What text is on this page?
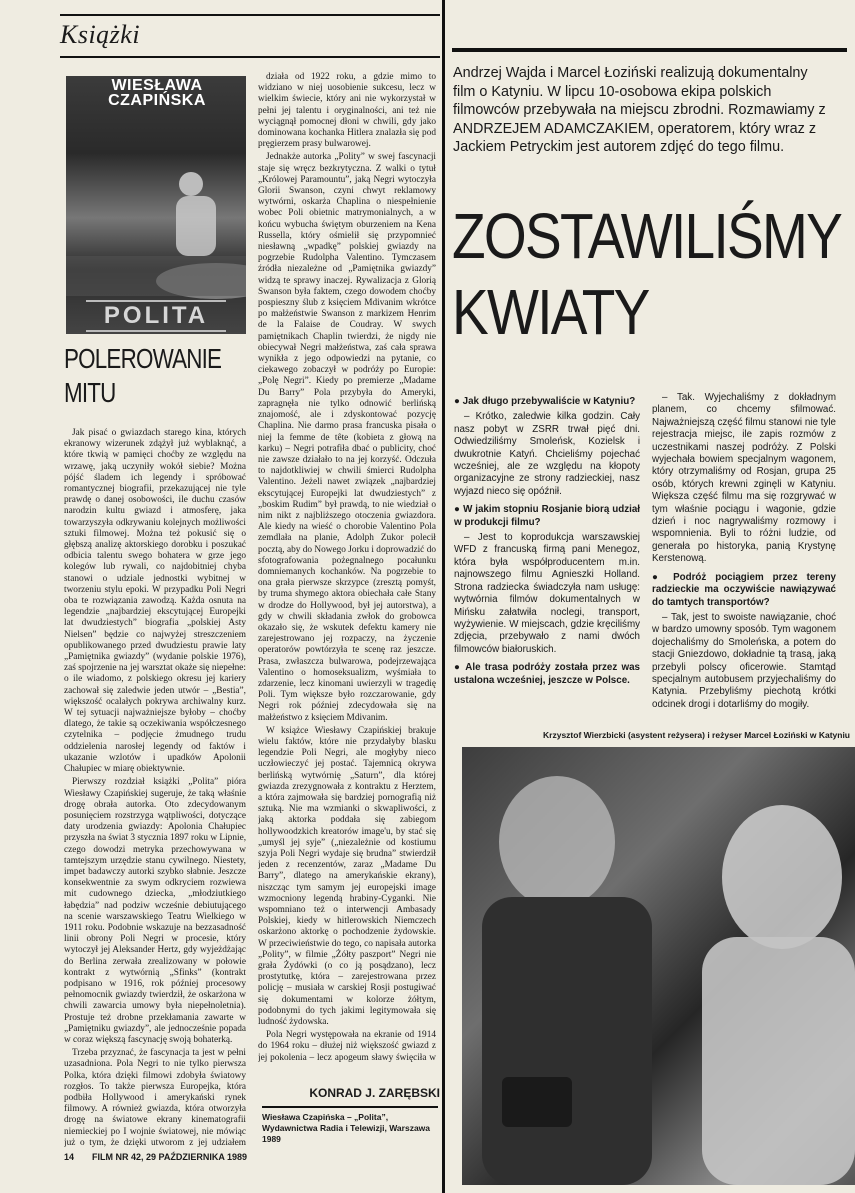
Książki
WIESŁAWA CZAPIŃSKA
POLITA
POLEROWANIE
MITU

Jak pisać o gwiazdach starego kina, których ekranowy wizerunek zdążył już wyblaknąć, a które tkwią w pamięci choćby ze względu na wrzawę, jaką uczyniły wokół siebie? Można pójść śladem ich legendy i spróbować romantycznej biografii, przekazującej nie tyle prawdę o danej osobowości, ile duchu czasów narodzin kultu gwiazd i atmosferę, jaka towarzyszyła odkrywaniu kolejnych możliwości sztuki filmowej. Można też pokusić się o głębszą analizę aktorskiego dorobku i poszukać odbicia talentu swego bohatera w grze jego kolegów lub rywali, co najdobitniej chyba stanowi o udziale jednostki wybitnej w tworzeniu stylu epoki. W przypadku Poli Negri oba te rozwiązania zawodzą. Każda osnuta na legendzie „najbardziej ekscytującej Europejki lat dwudziestych” biografia „polskiej Asty Nielsen” będzie co najwyżej streszczeniem opublikowanego przed dwudziestu prawie laty „Pamiętnika gwiazdy” (wydanie polskie 1976), zaś spojrzenie na jej warsztat okaże się niepełne: o ile wiadomo, z polskiego okresu jej kariery zachował się zaledwie jeden utwór – „Bestia”, większość ocalałych pokrywa archiwalny kurz. W tej sytuacji najważniejsze byłoby – choćby dlatego, że takie są oczekiwania współczesnego czytelnika – podjęcie żmudnego trudu oddzielenia narosłej legendy od faktów i ukazanie wzlotów i upadków Apolonii Chałupiec w miarę obiektywnie.

Pierwszy rozdział książki „Polita” pióra Wiesławy Czapińskiej sugeruje, że taką właśnie drogę obrała autorka. Oto zdecydowanym posunięciem rozstrzyga wątpliwości, dotyczące daty urodzenia gwiazdy: Apolonia Chałupiec przyszła na świat 3 stycznia 1897 roku w Lipnie, czego dowodzi metryka przechowywana w tamtejszym urzędzie stanu cywilnego. Niestety, impet badawczy autorki szybko słabnie. Jeszcze konsekwentnie za swym odkryciem rozwiewa mit cudownego dziecka, „młodziutkiego łabędzia” nad podziw wcześnie debiutującego na scenie warszawskiego Teatru Wielkiego w 1911 roku. Podobnie wskazuje na bezzasadność linii obrony Poli Negri w procesie, który wytoczył jej Aleksander Hertz, gdy wyjeżdżając do Berlina zerwała zrealizowany w połowie kontrakt z wytwórnią „Sfinks” (kontrakt podpisano w 1916, rok później procesowy pełnomocnik gwiazdy twierdził, że oskarżona w chwili zawarcia umowy była niepełnoletnia). Prostuje też drobne przekłamania zawarte w „Pamiętniku gwiazdy”, ale jednocześnie popada w coraz większą fascynację swoją bohaterką.

Trzeba przyznać, że fascynacja ta jest w pełni uzasadniona. Pola Negri to nie tylko pierwsza Polka, która dzięki filmowi zdobyła światowy rozgłos. To także pierwsza Europejka, która podbiła Hollywood i amerykański rynek filmowy. A również gwiazda, która otworzyła drogę na światowe ekrany kinematografii niemieckiej po I wojnie światowej, nie mówiąc już o tym, że dzięki utworom z jej udziałem

działa od 1922 roku, a gdzie mimo to widziano w niej uosobienie sukcesu, lecz w wielkim świecie, który ani nie wykorzystał w pełni jej talentu i oryginalności, ani też nie wyciągnął pomocnej dłoni w chwili, gdy jako dominowana kochanka Hitlera znalazła się pod pręgierzem prasy bulwarowej.

Jednakże autorka „Polity” w swej fascynacji staje się wręcz bezkrytyczna. Z walki o tytuł „Królowej Paramountu”, jaką Negri wytoczyła Glorii Swanson, czyni chwyt reklamowy wytwórni, oskarża Chaplina o niespełnienie wobec Poli obietnic matrymonialnych, a w końcu wybucha świętym oburzeniem na Kena Russella, który ośmielił się przypomnieć niesławną „wpadkę” polskiej gwiazdy na pogrzebie Rudolpha Valentino. Tymczasem źródła niezależne od „Pamiętnika gwiazdy” widzą te sprawy inaczej. Rywalizacja z Glorią Swanson była faktem, czego dowodem choćby pospieszny ślub z księciem Mdivanim wkrótce po małżeństwie Swanson z markizem Henrim de la Falaise de Coudray. W swych pamiętnikach Chaplin twierdzi, że nigdy nie obiecywał Negri małżeństwa, zaś cała sprawa wynikła z jego odpowiedzi na pytanie, co ciekawego zobaczył w podróży po Europie: „Polę Negri”. Kiedy po premierze „Madame Du Barry” Pola przybyła do Ameryki, zapragnęła nie tylko odnowić berlińską znajomość, ale i zdyskontować pozycję Chaplina. Nie darmo prasa francuska pisała o niej la femme de tête (kobieta z głową na karku) – Negri potrafiła dbać o publicity, choć nie zawsze działało to na jej korzyść. Odczuła to najdotkliwiej w chwili śmierci Rudolpha Valentino. Jeżeli nawet związek „najbardziej ekscytującej Europejki lat dwudziestych” z „boskim Rudim” był prawdą, to nie wiedział o nim nikt z najbliższego otoczenia gwiazdora. Ale kiedy na wieść o chorobie Valentino Pola zemdlała na planie, Adolph Zukor polecił pocztą, aby do Nowego Jorku i doprowadzić do sfotografowania pożegnalnego pocałunku domniemanych kochanków. Na pogrzebie to ona grała pierwsze skrzypce (zresztą pomyśt, by truma shymego aktora obiechała całe Stany w drodze do Hollywood, był jej autorstwa), a gdy w chwili składania zwłok do grobowca okazało się, że wskutek defektu kamery nie zarejestrowano jej rozpaczy, na życzenie operatorów powtórzyła te scenę raz jeszcze. Prasa, zwłaszcza bulwarowa, podejrzewająca Valentino o homoseksualizm, wyśmiała to zdarzenie, lecz kinomani uwierzyli w tragedię Poli. Tym większe było rozczarowanie, gdy Negri rok później zdecydowała się na małżeństwo z księciem Mdivanim.

W książce Wiesławy Czapińskiej brakuje wielu faktów, które nie przydałyby blasku legendzie Poli Negri, ale mogłyby nieco uczłowieczyć jej postać. Tajemnicą okrywa berlińską wytwórnię „Saturn”, dla której gwiazda zrezygnowała z kontraktu z Herztem, a która zajmowała się bardziej pornografią niż sztuką. Nie ma wzmianki o skwapliwości, z jaką aktorka poddała się zabiegom hollywoodzkich kreatorów image'u, by stać się „umyśl jej syje” („niezależnie od kostiumu szyja Poli Negri wydaje się brudna” stwierdził jeden z recenzentów, zaraz „Madame Du Barry”, dlatego na amerykańskie ekrany), niszcząc tym samym jej europejski image wzmocniony legendą hrabiny-Cyganki. Nie wspomniano też o interwencji Ambasady Polskiej, kiedy w hitlerowskich Niemczech oskarżono aktorkę o pochodzenie żydowskie. W przeciwieństwie do tego, co napisała autorka „Polity”, w filmie „Żółty paszport” Negri nie grała Żydówki (o co ją posądzano), lecz prostytutkę, która – zarejestrowana przez policję – musiała w carskiej Rosji postugiwać się dokumentami w kolorze żółtym, podobnymi do tych jakimi legitymowała się ludność żydowska.

Pola Negri występowała na ekranie od 1914 do 1964 roku – dłużej niż większość gwiazd z jej pokolenia – lecz apogeum sławy święciła w

KONRAD J. ZARĘBSKI
Wiesława Czapińska – „Polita”, Wydawnictwa Radia i Telewizji, Warszawa 1989
14 FILM NR 42, 29 PAŹDZIERNIKA 1989
Andrzej Wajda i Marcel Łoziński realizują dokumentalny film o Katyniu. W lipcu 10-osobowa ekipa polskich filmowców przebywała na miejscu zbrodni. Rozmawiamy z ANDRZEJEM ADAMCZAKIEM, operatorem, który wraz z Jackiem Petryckim jest autorem zdjęć do tego filmu.
ZOSTAWILIŚMY
KWIATY

● Jak długo przebywaliście w Katyniu?

– Krótko, zaledwie kilka godzin. Cały nasz pobyt w ZSRR trwał pięć dni. Odwiedziliśmy Smoleńsk, Kozielsk i dwukrotnie Katyń. Chcieliśmy pojechać wcześniej, ale ze względu na kłopoty organizacyjne ze strony radzieckiej, nasz wyjazd nieco się opóźnił.

● W jakim stopniu Rosjanie biorą udział w produkcji filmu?

– Jest to koprodukcja warszawskiej WFD z francuską firmą pani Menegoz, która była współproducentem m.in. najnowszego filmu Agnieszki Holland. Strona radziecka świadczyła nam usługę: wytwórnia filmów dokumentalnych w Mińsku załatwiła noclegi, transport, wyżywienie. W miejscach, gdzie kręciliśmy zdjęcia, przebywało z nami dwóch filmowców białoruskich.

● Ale trasa podróży została przez was ustalona wcześniej, jeszcze w Polsce.

– Tak. Wyjechaliśmy z dokładnym planem, co chcemy sfilmować. Najważniejszą część filmu stanowi nie tyle rejestracja miejsc, ile zapis rozmów z uczestnikami naszej podróży. Z Polski wyjechała bowiem specjalnym wagonem, który otrzymaliśmy od Rosjan, grupa 25 osób, których krewni zginęli w Katyniu. Większa część filmu ma się rozgrywać w tym właśnie pociągu i wagonie, gdzie dzień i noc nagrywaliśmy rozmowy i wspomnienia. Byli to różni ludzie, od generała po historyka, panią Krystynę Kerstenową.

● Podróż pociągiem przez tereny radzieckie ma oczywiście nawiązywać do tamtych transportów?

– Tak, jest to swoiste nawiązanie, choć w bardzo umowny sposób. Tym wagonem dojechaliśmy do Smoleńska, a potem do stacji Gniezdowo, dokładnie tą trasą, jaką przebyli polscy oficerowie. Stamtąd specjalnym autobusem przyjechaliśmy do Katynia. Przebyliśmy piechotą krótki odcinek drogi i dotarliśmy do mogiły.

Krzysztof Wierzbicki (asystent reżysera) i reżyser Marcel Łoziński w Katyniu
